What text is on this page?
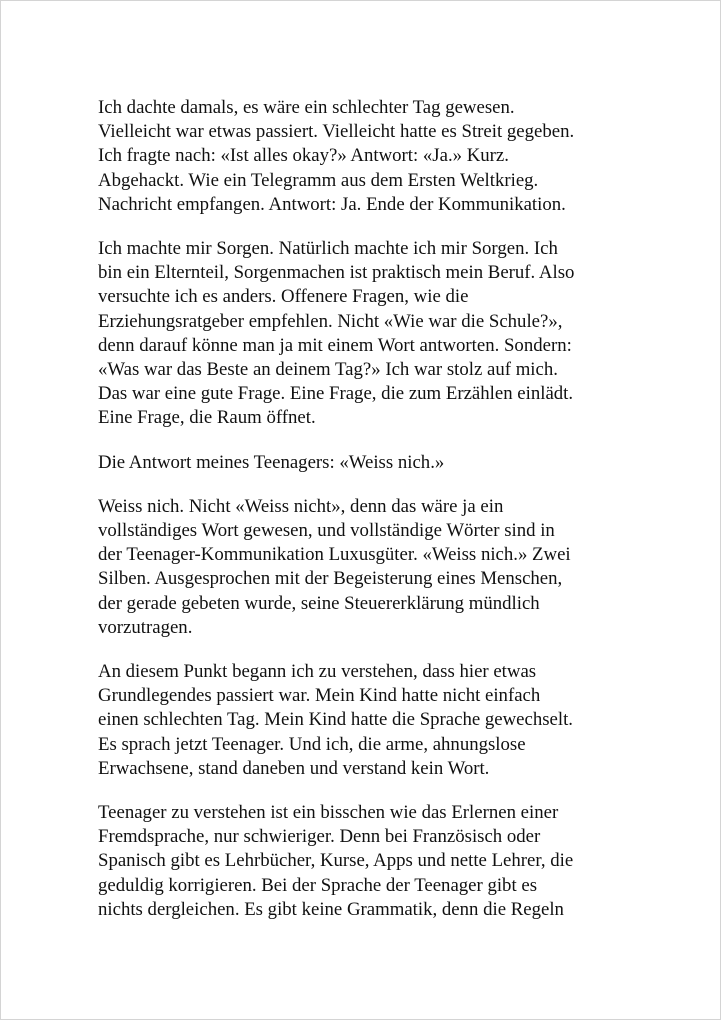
Ich dachte damals, es wäre ein schlechter Tag gewesen.
Vielleicht war etwas passiert. Vielleicht hatte es Streit gegeben.
Ich fragte nach: «Ist alles okay?» Antwort: «Ja.» Kurz.
Abgehackt. Wie ein Telegramm aus dem Ersten Weltkrieg.
Nachricht empfangen. Antwort: Ja. Ende der Kommunikation.

Ich machte mir Sorgen. Natürlich machte ich mir Sorgen. Ich
bin ein Elternteil, Sorgenmachen ist praktisch mein Beruf. Also
versuchte ich es anders. Offenere Fragen, wie die
Erziehungsratgeber empfehlen. Nicht «Wie war die Schule?»,
denn darauf könne man ja mit einem Wort antworten. Sondern:
«Was war das Beste an deinem Tag?» Ich war stolz auf mich.
Das war eine gute Frage. Eine Frage, die zum Erzählen einlädt.
Eine Frage, die Raum öffnet.

Die Antwort meines Teenagers: «Weiss nich.»

Weiss nich. Nicht «Weiss nicht», denn das wäre ja ein
vollständiges Wort gewesen, und vollständige Wörter sind in
der Teenager-Kommunikation Luxusgüter. «Weiss nich.» Zwei
Silben. Ausgesprochen mit der Begeisterung eines Menschen,
der gerade gebeten wurde, seine Steuererklärung mündlich
vorzutragen.

An diesem Punkt begann ich zu verstehen, dass hier etwas
Grundlegendes passiert war. Mein Kind hatte nicht einfach
einen schlechten Tag. Mein Kind hatte die Sprache gewechselt.
Es sprach jetzt Teenager. Und ich, die arme, ahnungslose
Erwachsene, stand daneben und verstand kein Wort.

Teenager zu verstehen ist ein bisschen wie das Erlernen einer
Fremdsprache, nur schwieriger. Denn bei Französisch oder
Spanisch gibt es Lehrbücher, Kurse, Apps und nette Lehrer, die
geduldig korrigieren. Bei der Sprache der Teenager gibt es
nichts dergleichen. Es gibt keine Grammatik, denn die Regeln
